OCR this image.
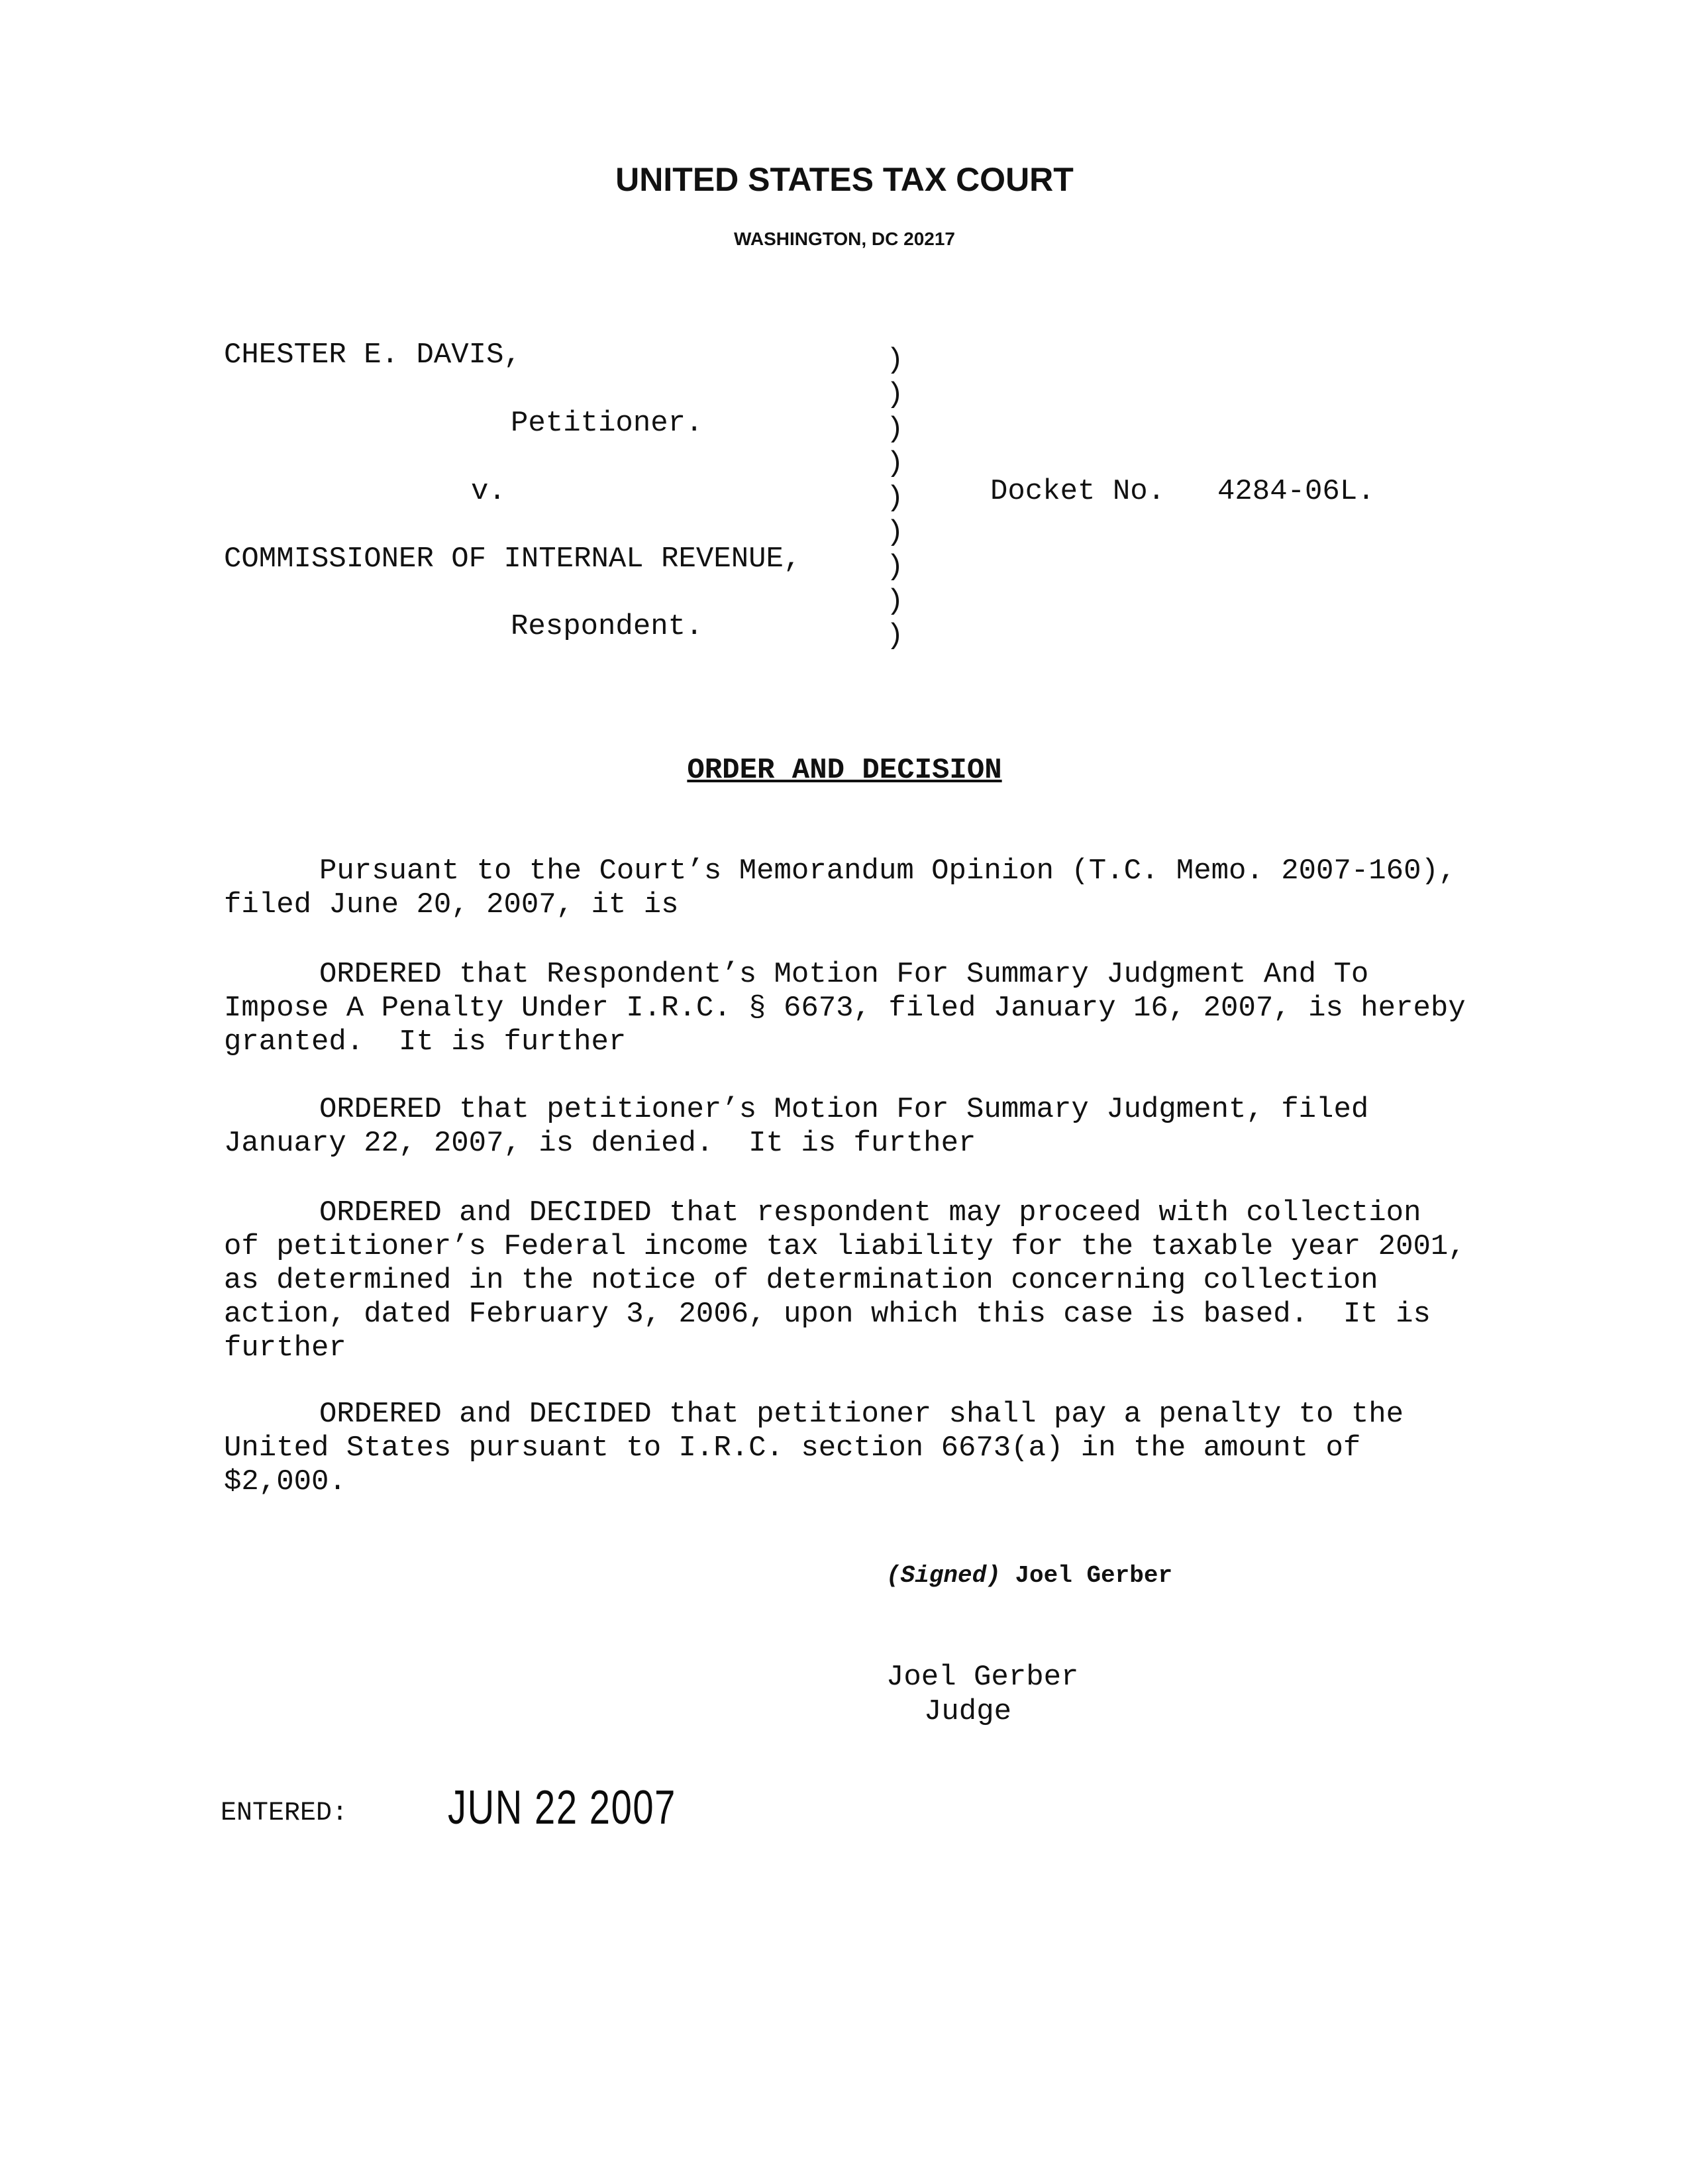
UNITED STATES TAX COURT
WASHINGTON, DC 20217
CHESTER E. DAVIS,
Petitioner.
v.
COMMISSIONER OF INTERNAL REVENUE,
Respondent.
)
)
)
)
)
)
)
)
)
Docket No. 4284-06L.
ORDER AND DECISION

Pursuant to the Court’s Memorandum Opinion (T.C. Memo. 2007-160), filed June 20, 2007, it is

ORDERED that Respondent’s Motion For Summary Judgment And To Impose A Penalty Under I.R.C. § 6673, filed January 16, 2007, is hereby granted.  It is further

ORDERED that petitioner’s Motion For Summary Judgment, filed January 22, 2007, is denied.  It is further

ORDERED and DECIDED that respondent may proceed with collection of petitioner’s Federal income tax liability for the taxable year 2001, as determined in the notice of determination concerning collection action, dated February 3, 2006, upon which this case is based.  It is further

ORDERED and DECIDED that petitioner shall pay a penalty to the United States pursuant to I.R.C. section 6673(a) in the amount of $2,000.

(Signed) Joel Gerber
Joel Gerber
Judge
ENTERED: JUN 22 2007
